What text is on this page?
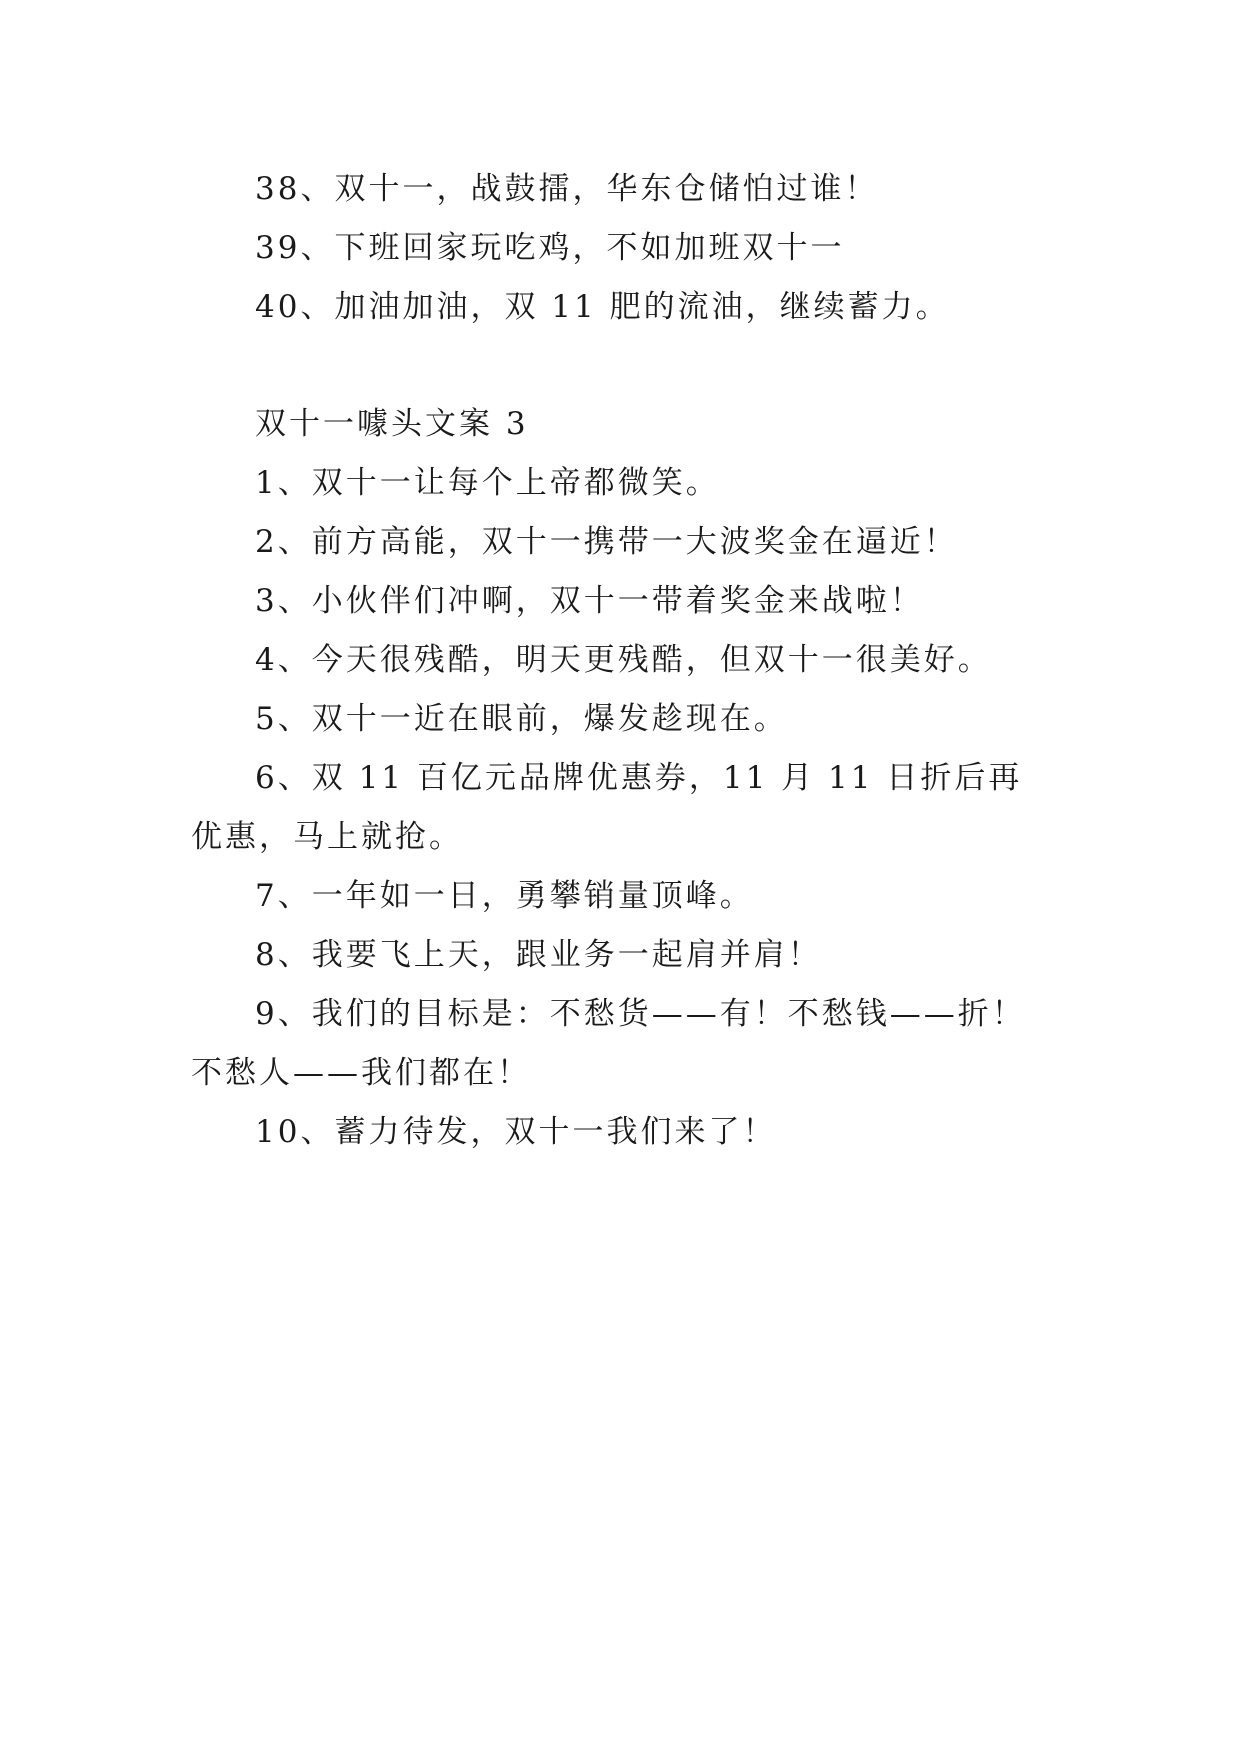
38、双十一，战鼓擂，华东仓储怕过谁！

39、下班回家玩吃鸡，不如加班双十一

40、加油加油，双 11 肥的流油，继续蓄力。

双十一噱头文案 3

1、双十一让每个上帝都微笑。

2、前方高能，双十一携带一大波奖金在逼近！

3、小伙伴们冲啊，双十一带着奖金来战啦！

4、今天很残酷，明天更残酷，但双十一很美好。

5、双十一近在眼前，爆发趁现在。

6、双 11 百亿元品牌优惠券，11 月 11 日折后再优惠，马上就抢。

7、一年如一日，勇攀销量顶峰。

8、我要飞上天，跟业务一起肩并肩！

9、我们的目标是：不愁货——有！不愁钱——折！不愁人——我们都在！

10、蓄力待发，双十一我们来了！
